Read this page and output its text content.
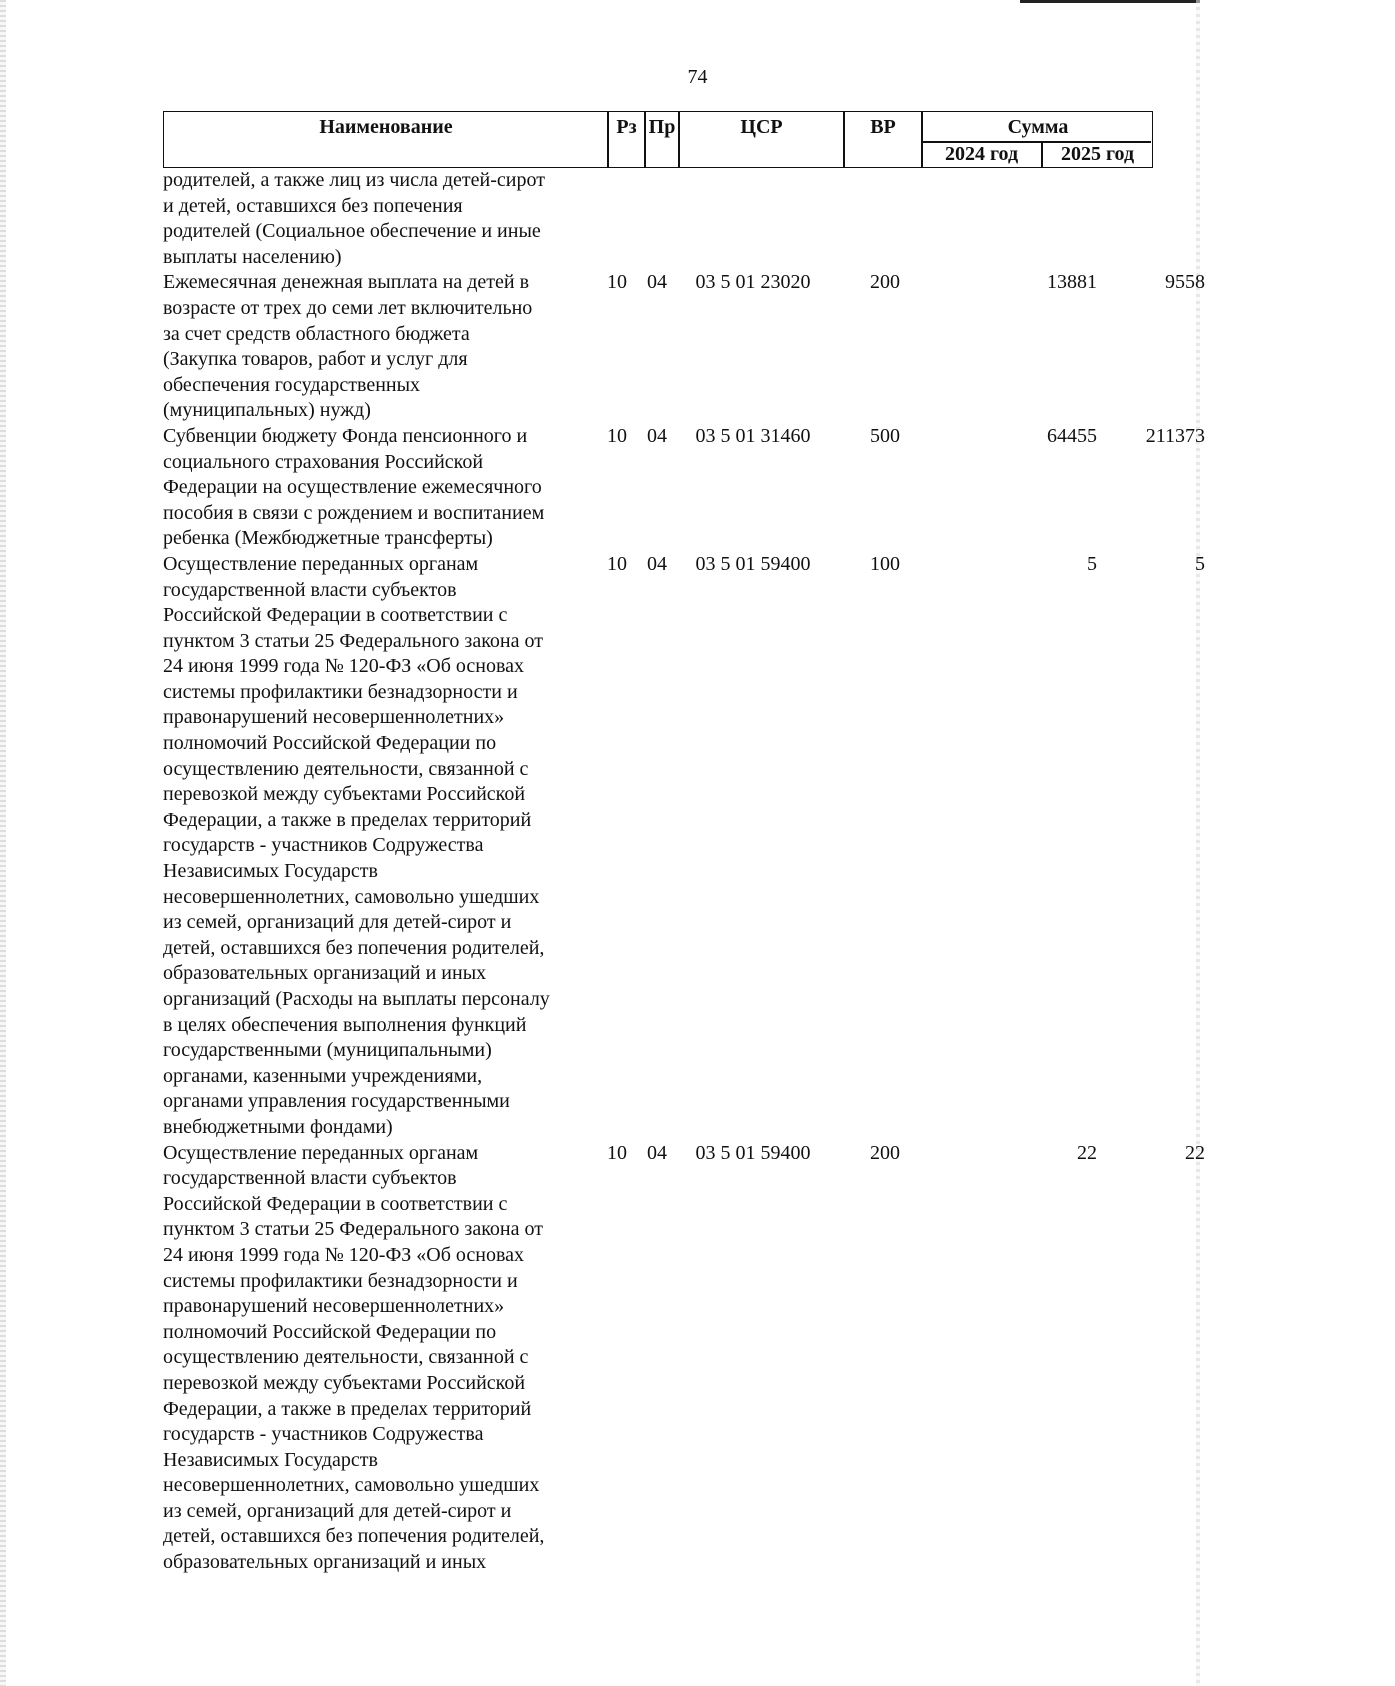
74
Наименование	Рз Пр	ЦСР	ВР	Сумма
2024 год	2025 год
родителей, а также лиц из числа детей-сирот
и детей, оставшихся без попечения
родителей (Социальное обеспечение и иные
выплаты населению)
Ежемесячная денежная выплата на детей в
возрасте от трех до семи лет включительно
за счет средств областного бюджета
(Закупка товаров, работ и услуг для
обеспечения государственных
(муниципальных) нужд)
10	04	03 5 01 23020	200	13881	9558
Субвенции бюджету Фонда пенсионного и
социального страхования Российской
Федерации на осуществление ежемесячного
пособия в связи с рождением и воспитанием
ребенка (Межбюджетные трансферты)
10	04	03 5 01 31460	500	64455	211373
Осуществление переданных органам
государственной власти субъектов
Российской Федерации в соответствии с
пунктом 3 статьи 25 Федерального закона от
24 июня 1999 года № 120-ФЗ «Об основах
системы профилактики безнадзорности и
правонарушений несовершеннолетних»
полномочий Российской Федерации по
осуществлению деятельности, связанной с
перевозкой между субъектами Российской
Федерации, а также в пределах территорий
государств - участников Содружества
Независимых Государств
несовершеннолетних, самовольно ушедших
из семей, организаций для детей-сирот и
детей, оставшихся без попечения родителей,
образовательных организаций и иных
организаций (Расходы на выплаты персоналу
в целях обеспечения выполнения функций
государственными (муниципальными)
органами, казенными учреждениями,
органами управления государственными
внебюджетными фондами)
10	04	03 5 01 59400	100	5	5
Осуществление переданных органам
государственной власти субъектов
Российской Федерации в соответствии с
пунктом 3 статьи 25 Федерального закона от
24 июня 1999 года № 120-ФЗ «Об основах
системы профилактики безнадзорности и
правонарушений несовершеннолетних»
полномочий Российской Федерации по
осуществлению деятельности, связанной с
перевозкой между субъектами Российской
Федерации, а также в пределах территорий
государств - участников Содружества
Независимых Государств
несовершеннолетних, самовольно ушедших
из семей, организаций для детей-сирот и
детей, оставшихся без попечения родителей,
образовательных организаций и иных
10	04	03 5 01 59400	200	22	22
